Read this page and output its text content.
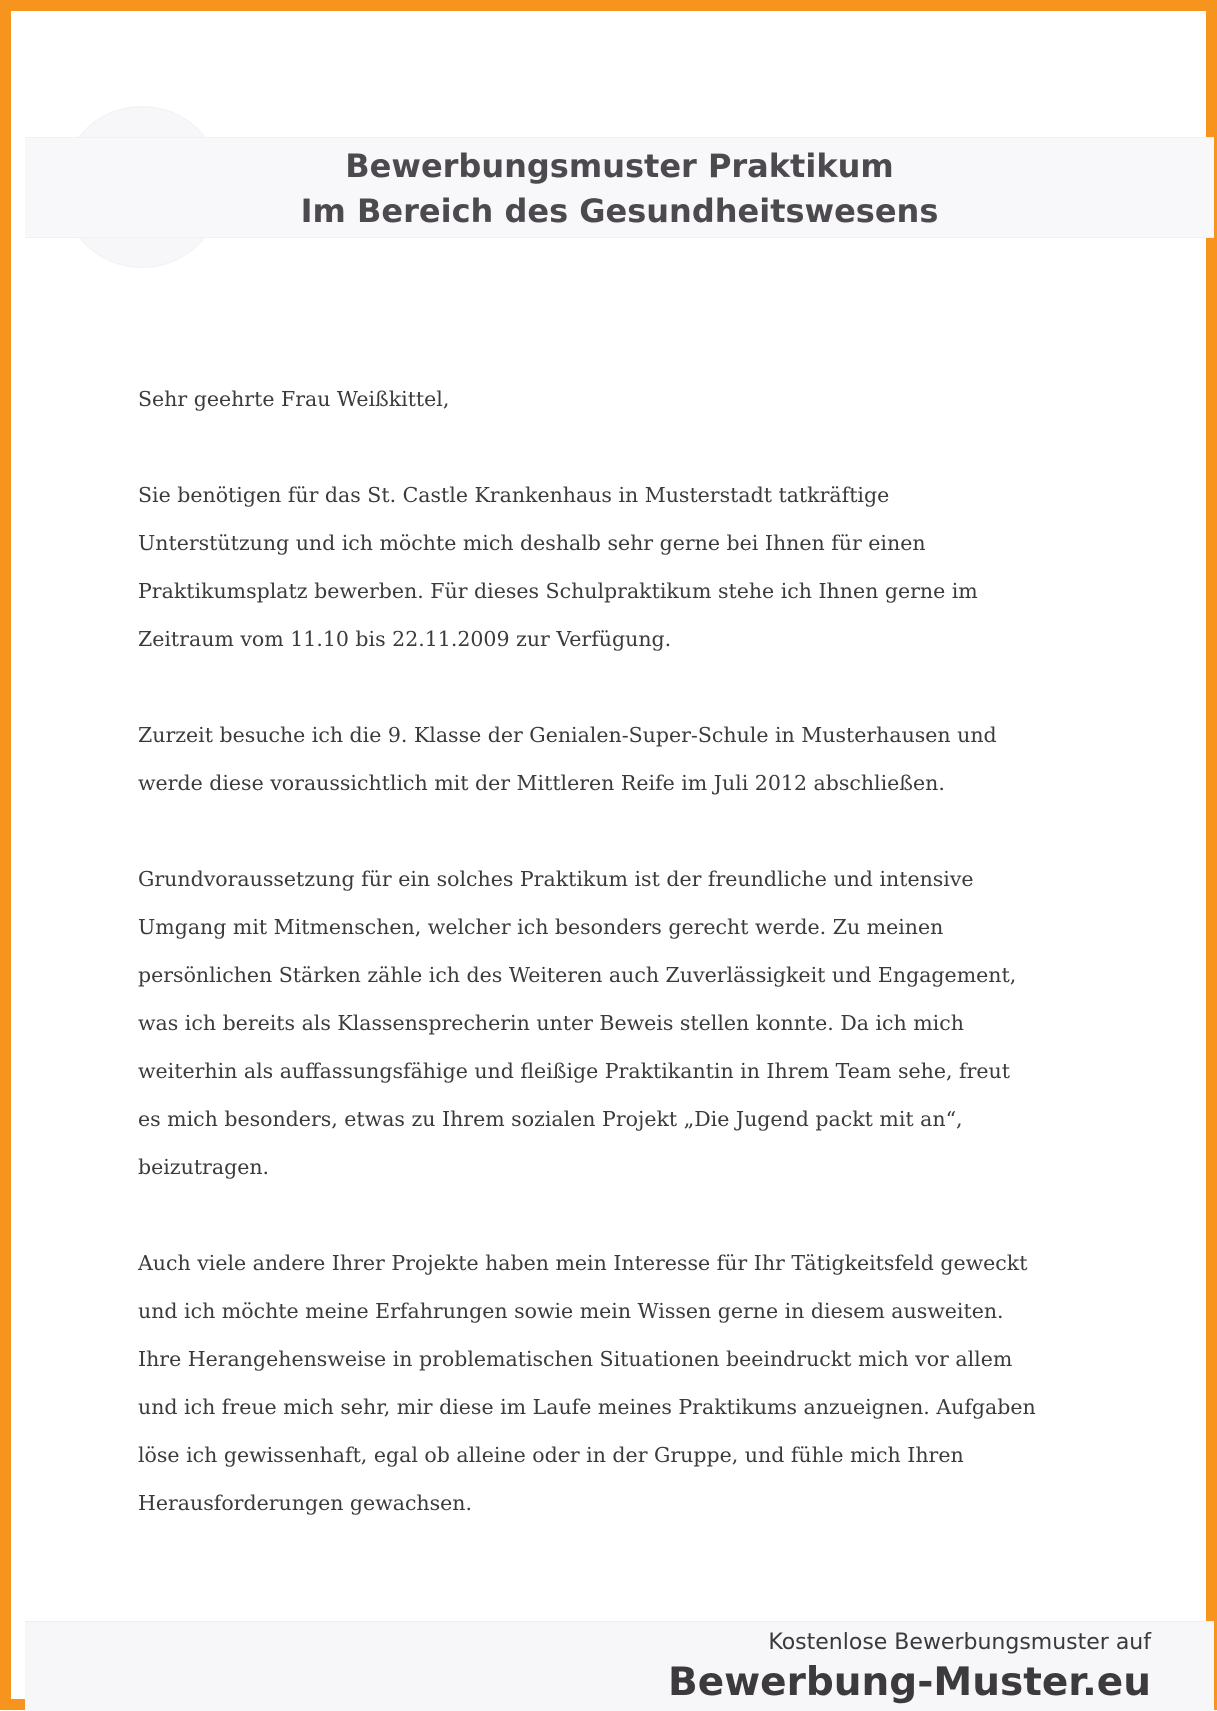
Bewerbungsmuster Praktikum
Im Bereich des Gesundheitswesens

Sehr geehrte Frau Weißkittel,

Sie benötigen für das St. Castle Krankenhaus in Musterstadt tatkräftige
Unterstützung und ich möchte mich deshalb sehr gerne bei Ihnen für einen
Praktikumsplatz bewerben. Für dieses Schulpraktikum stehe ich Ihnen gerne im
Zeitraum vom 11.10 bis 22.11.2009 zur Verfügung.

Zurzeit besuche ich die 9. Klasse der Genialen-Super-Schule in Musterhausen und
werde diese voraussichtlich mit der Mittleren Reife im Juli 2012 abschließen.

Grundvoraussetzung für ein solches Praktikum ist der freundliche und intensive
Umgang mit Mitmenschen, welcher ich besonders gerecht werde. Zu meinen
persönlichen Stärken zähle ich des Weiteren auch Zuverlässigkeit und Engagement,
was ich bereits als Klassensprecherin unter Beweis stellen konnte. Da ich mich
weiterhin als auffassungsfähige und fleißige Praktikantin in Ihrem Team sehe, freut
es mich besonders, etwas zu Ihrem sozialen Projekt „Die Jugend packt mit an“,
beizutragen.

Auch viele andere Ihrer Projekte haben mein Interesse für Ihr Tätigkeitsfeld geweckt
und ich möchte meine Erfahrungen sowie mein Wissen gerne in diesem ausweiten.
Ihre Herangehensweise in problematischen Situationen beeindruckt mich vor allem
und ich freue mich sehr, mir diese im Laufe meines Praktikums anzueignen. Aufgaben
löse ich gewissenhaft, egal ob alleine oder in der Gruppe, und fühle mich Ihren
Herausforderungen gewachsen.

Kostenlose Bewerbungsmuster auf
Bewerbung-Muster.eu
